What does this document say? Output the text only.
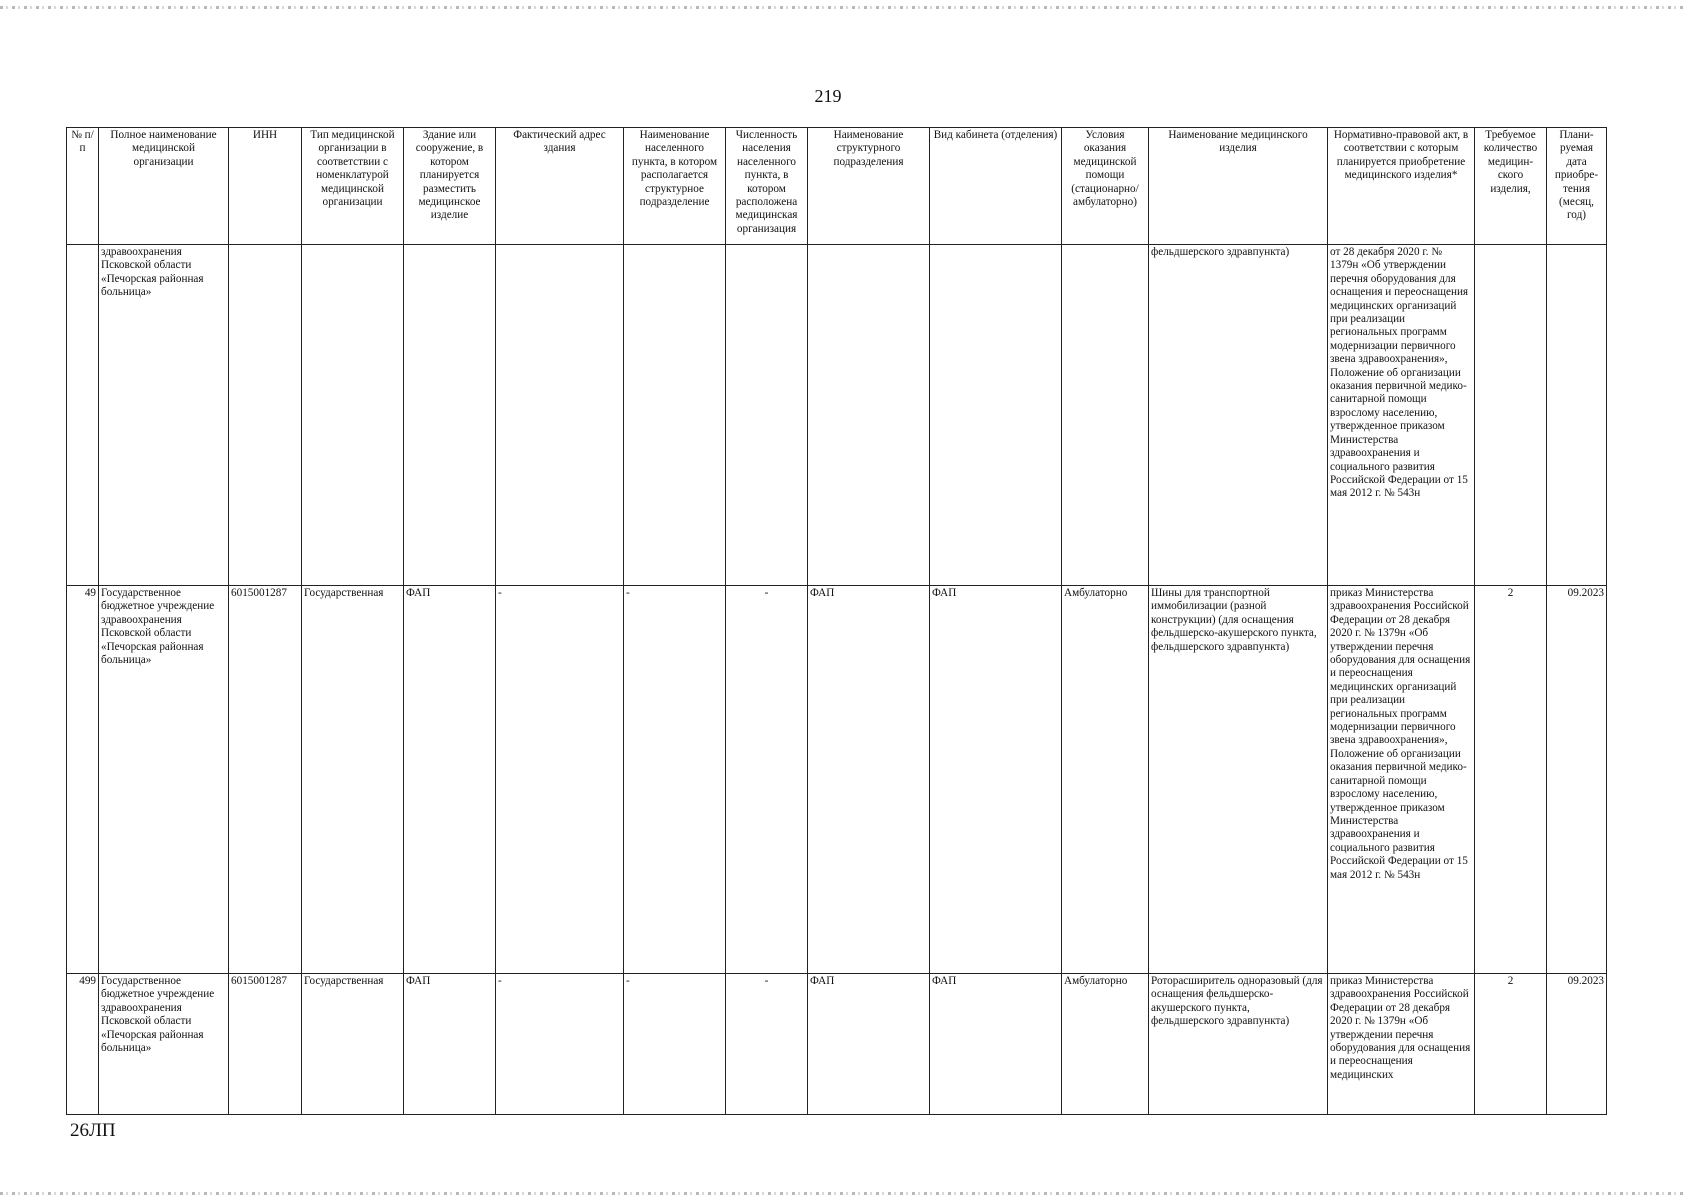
219
№ п/п	Полное наименование медицинской организации	ИНН	Тип медицинской организации в соответствии с номенклатурой медицинской организации	Здание или сооружение, в котором планируется разместить медицинское изделие	Фактический адрес здания	Наименование населенного пункта, в котором располагается структурное подразделение	Численность населения населенного пункта, в котором расположена медицинская организация	Наименование структурного подразделения	Вид кабинета (отделения)	Условия оказания медицинской помощи (стационарно/ амбулаторно)	Наименование медицинского изделия	Нормативно-правовой акт, в соответствии с которым планируется приобретение медицинского изделия*	Требуемое количество медицин-ского изделия,	Плани-руемая дата приобре-тения (месяц, год)
	здравоохранения Псковской области «Печорская районная больница»										фельдшерского здравпункта)	от 28 декабря 2020 г. № 1379н «Об утверждении перечня оборудования для оснащения и переоснащения медицинских организаций при реализации региональных программ модернизации первичного звена здравоохранения», Положение об организации оказания первичной медико-санитарной помощи взрослому населению, утвержденное приказом Министерства здравоохранения и социального развития Российской Федерации от 15 мая 2012 г. № 543н		
49	Государственное бюджетное учреждение здравоохранения Псковской области «Печорская районная больница»	6015001287	Государственная	ФАП	-	-	-	ФАП	ФАП	Амбулаторно	Шины для транспортной иммобилизации (разной конструкции) (для оснащения фельдшерско-акушерского пункта, фельдшерского здравпункта)	приказ Министерства здравоохранения Российской Федерации от 28 декабря 2020 г. № 1379н «Об утверждении перечня оборудования для оснащения и переоснащения медицинских организаций при реализации региональных программ модернизации первичного звена здравоохранения», Положение об организации оказания первичной медико-санитарной помощи взрослому населению, утвержденное приказом Министерства здравоохранения и социального развития Российской Федерации от 15 мая 2012 г. № 543н	2	09.2023
499	Государственное бюджетное учреждение здравоохранения Псковской области «Печорская районная больница»	6015001287	Государственная	ФАП	-	-	-	ФАП	ФАП	Амбулаторно	Роторасширитель одноразовый (для оснащения фельдшерско-акушерского пункта, фельдшерского здравпункта)	приказ Министерства здравоохранения Российской Федерации от 28 декабря 2020 г. № 1379н «Об утверждении перечня оборудования для оснащения и переоснащения медицинских	2	09.2023
26ЛП
